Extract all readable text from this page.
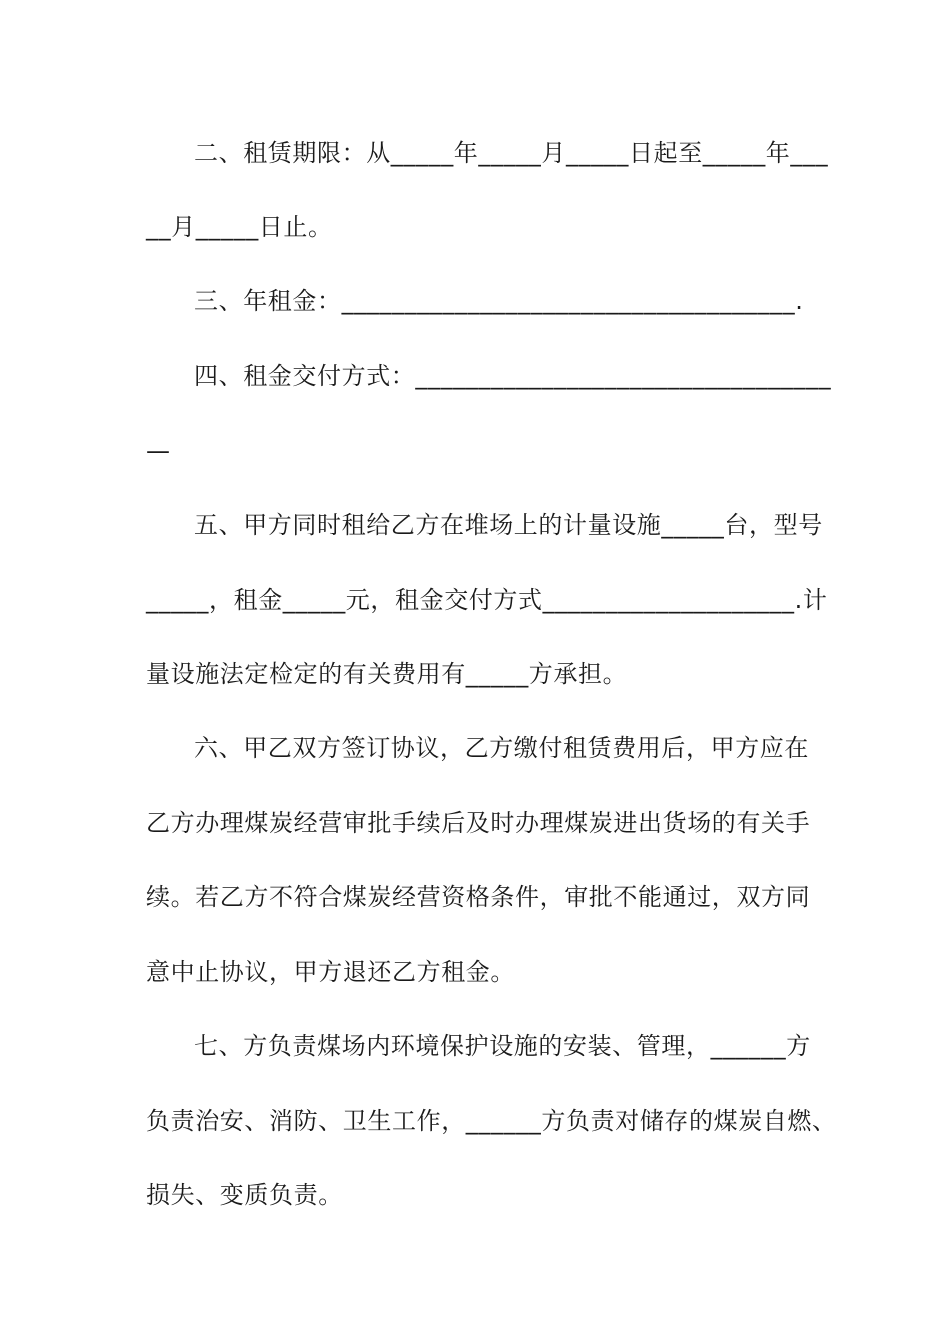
二、租赁期限：从_____年_____月_____日起至_____年___

__月_____日止。

三、年租金：____________________________________.

四、租金交付方式：_________________________________

—

五、甲方同时租给乙方在堆场上的计量设施_____台，型号

_____，租金_____元，租金交付方式____________________.计

量设施法定检定的有关费用有_____方承担。

六、甲乙双方签订协议，乙方缴付租赁费用后，甲方应在

乙方办理煤炭经营审批手续后及时办理煤炭进出货场的有关手

续。若乙方不符合煤炭经营资格条件，审批不能通过，双方同

意中止协议，甲方退还乙方租金。

七、方负责煤场内环境保护设施的安装、管理，______方

负责治安、消防、卫生工作，______方负责对储存的煤炭自燃、

损失、变质负责。
